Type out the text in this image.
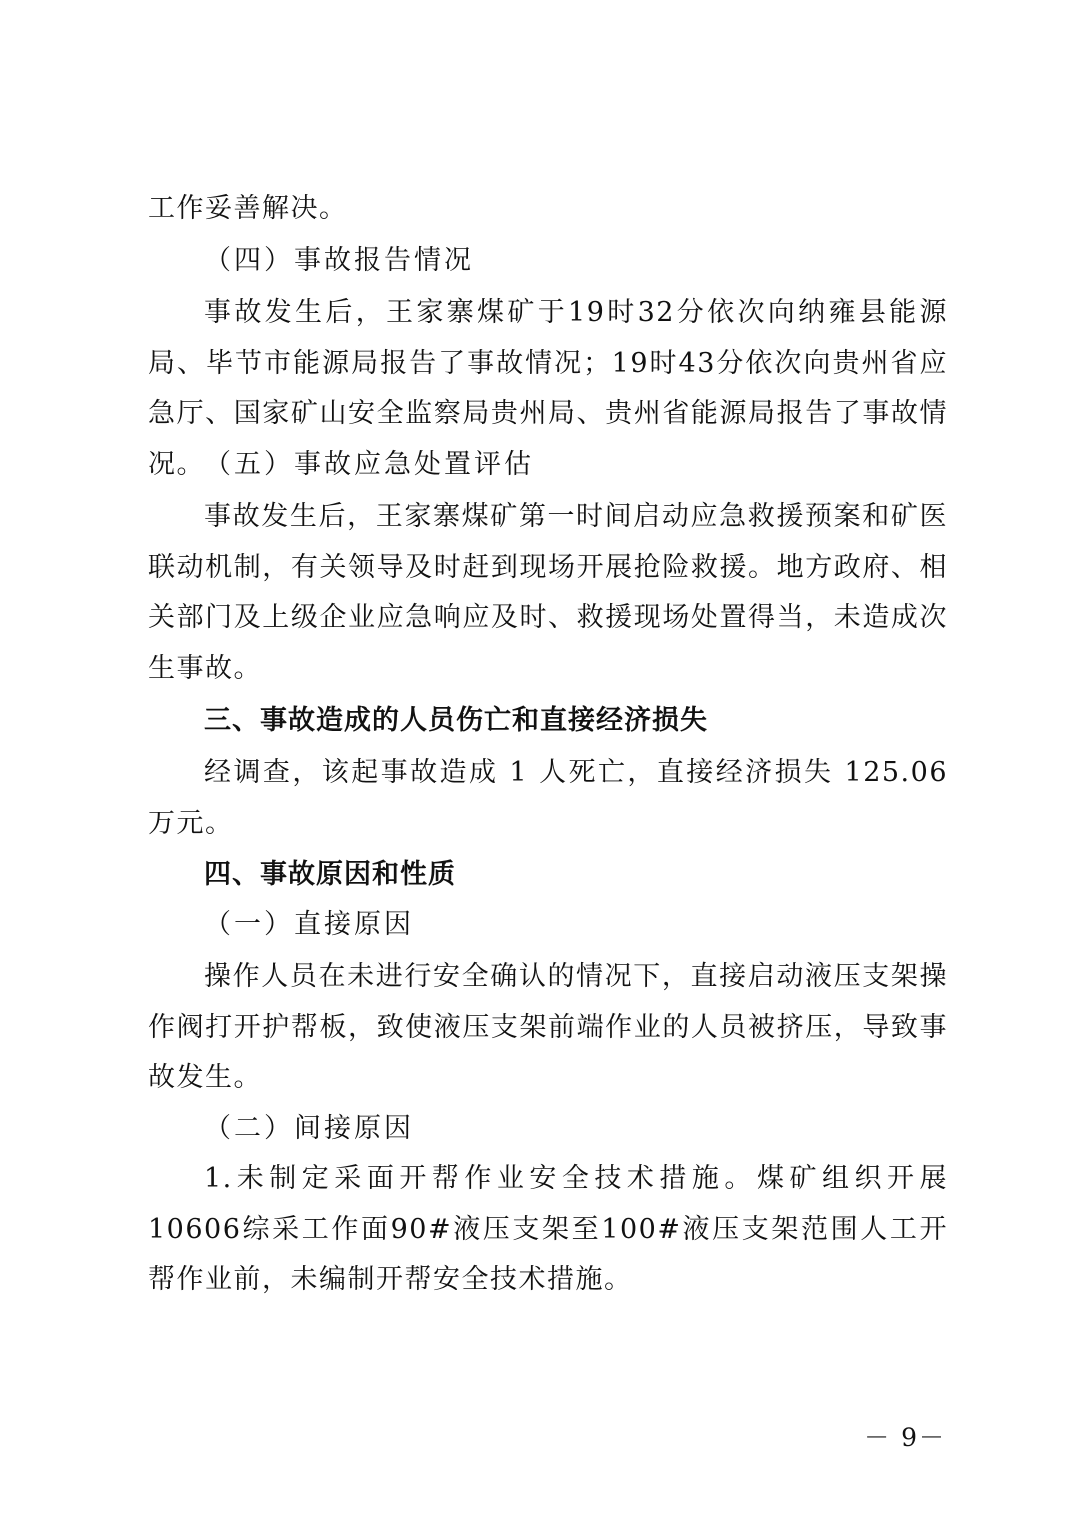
工作妥善解决。
（四）事故报告情况
事故发生后，王家寨煤矿于19时32分依次向纳雍县能源局、毕节市能源局报告了事故情况；19时43分依次向贵州省应急厅、国家矿山安全监察局贵州局、贵州省能源局报告了事故情况。 （五）事故应急处置评估
事故发生后，王家寨煤矿第一时间启动应急救援预案和矿医联动机制，有关领导及时赶到现场开展抢险救援。地方政府、相关部门及上级企业应急响应及时、救援现场处置得当，未造成次生事故。
三、事故造成的人员伤亡和直接经济损失
经调查，该起事故造成 1 人死亡，直接经济损失 125.06 万元。
四、事故原因和性质
（一）直接原因
操作人员在未进行安全确认的情况下，直接启动液压支架操作阀打开护帮板，致使液压支架前端作业的人员被挤压，导致事故发生。
（二）间接原因
1.未制定采面开帮作业安全技术措施。煤矿组织开展10606综采工作面90#液压支架至100#液压支架范围人工开帮作业前，未编制开帮安全技术措施。
－ 9－
